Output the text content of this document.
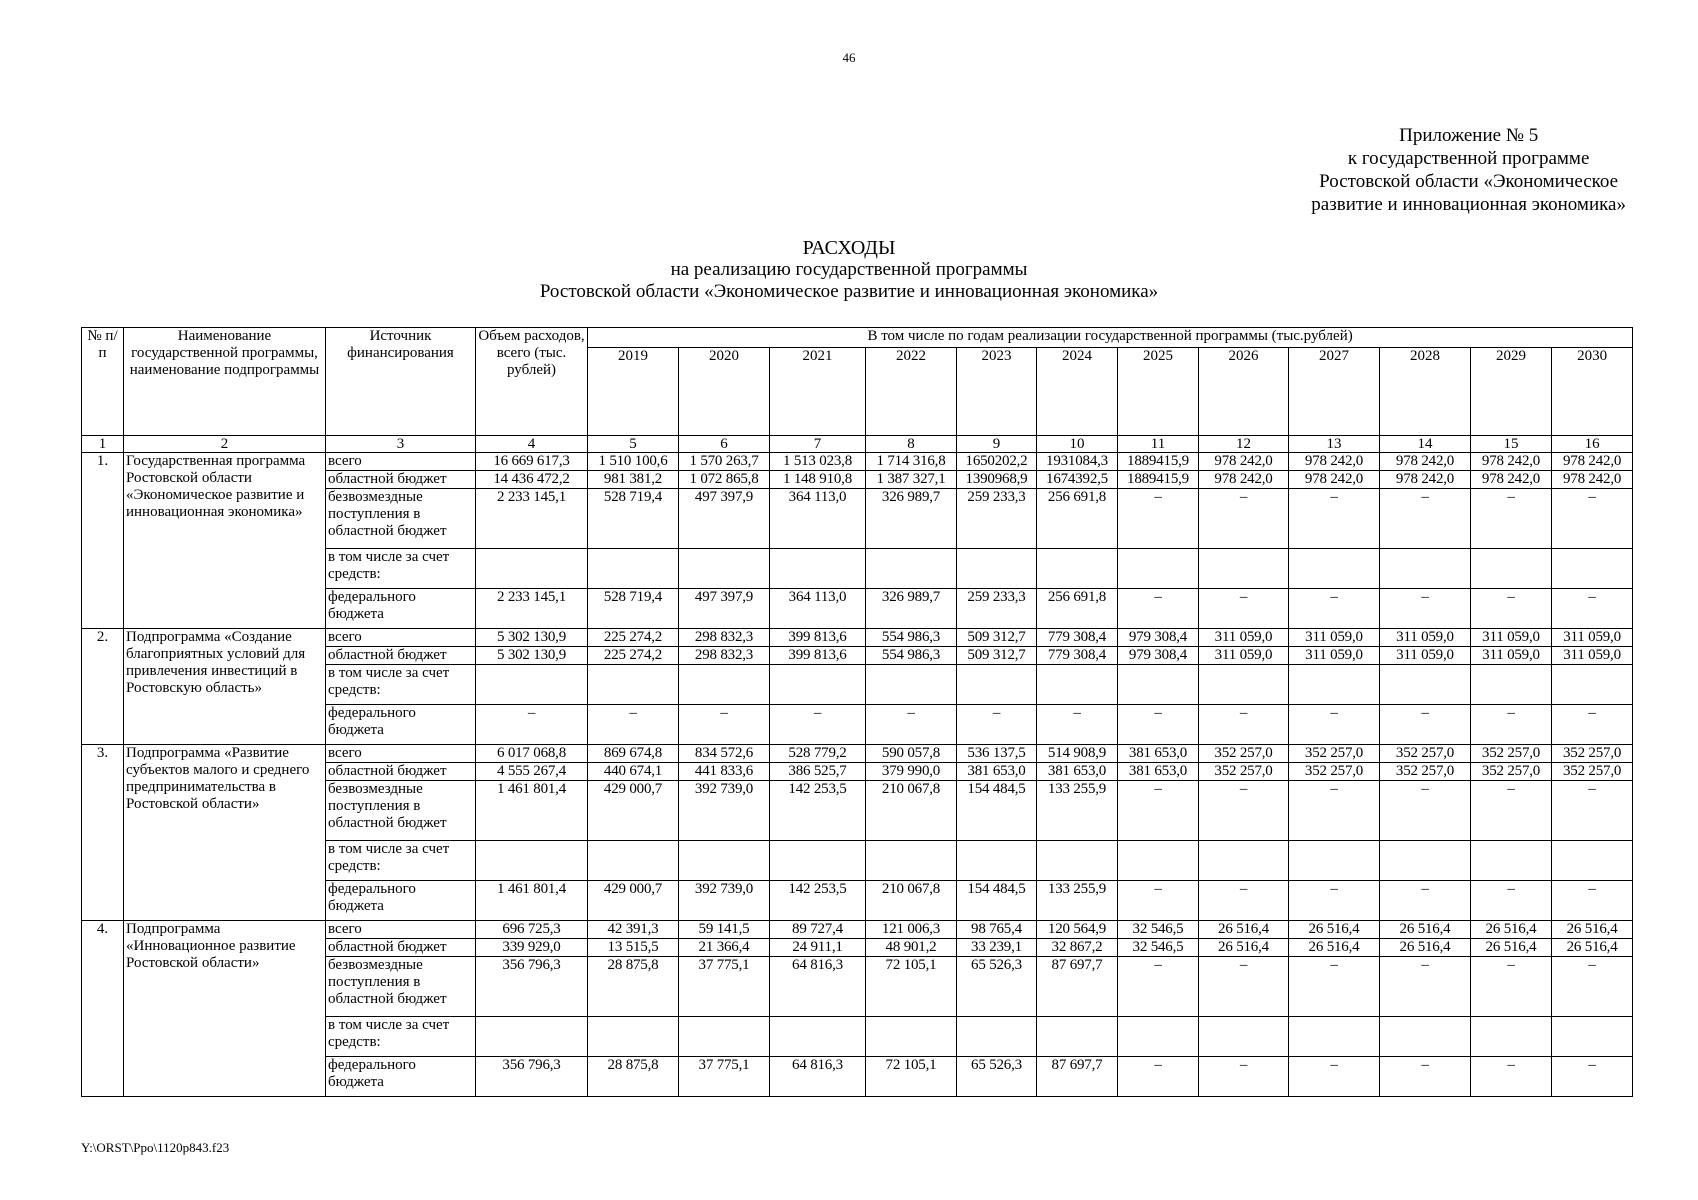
46
Приложение № 5
к государственной программе
Ростовской области «Экономическое
развитие и инновационная экономика»
РАСХОДЫ
на реализацию государственной программы
Ростовской области «Экономическое развитие и инновационная экономика»
№ п/п	Наименование государственной программы, наименование подпрограммы	Источник финансирования	Объем расходов, всего (тыс. рублей)	В том числе по годам реализации государственной программы (тыс.рублей)											
				2019	2020	2021	2022	2023	2024	2025	2026	2027	2028	2029	2030
1	2	3	4	5	6	7	8	9	10	11	12	13	14	15	16
1.	Государственная программа Ростовской области «Экономическое развитие и инновационная экономика»	всего	16 669 617,3	1 510 100,6	1 570 263,7	1 513 023,8	1 714 316,8	1650202,2	1931084,3	1889415,9	978 242,0	978 242,0	978 242,0	978 242,0	978 242,0
		областной бюджет	14 436 472,2	981 381,2	1 072 865,8	1 148 910,8	1 387 327,1	1390968,9	1674392,5	1889415,9	978 242,0	978 242,0	978 242,0	978 242,0	978 242,0
		безвозмездные поступления в областной бюджет	2 233 145,1	528 719,4	497 397,9	364 113,0	326 989,7	259 233,3	256 691,8	–	–	–	–	–	–
		в том числе за счет средств:													
		федерального бюджета	2 233 145,1	528 719,4	497 397,9	364 113,0	326 989,7	259 233,3	256 691,8	–	–	–	–	–	–
2.	Подпрограмма «Создание благоприятных условий для привлечения инвестиций в Ростовскую область»	всего	5 302 130,9	225 274,2	298 832,3	399 813,6	554 986,3	509 312,7	779 308,4	979 308,4	311 059,0	311 059,0	311 059,0	311 059,0	311 059,0
		областной бюджет	5 302 130,9	225 274,2	298 832,3	399 813,6	554 986,3	509 312,7	779 308,4	979 308,4	311 059,0	311 059,0	311 059,0	311 059,0	311 059,0
		в том числе за счет средств:													
		федерального бюджета	–	–	–	–	–	–	–	–	–	–	–	–	–
3.	Подпрограмма «Развитие субъектов малого и среднего предпринимательства в Ростовской области»	всего	6 017 068,8	869 674,8	834 572,6	528 779,2	590 057,8	536 137,5	514 908,9	381 653,0	352 257,0	352 257,0	352 257,0	352 257,0	352 257,0
		областной бюджет	4 555 267,4	440 674,1	441 833,6	386 525,7	379 990,0	381 653,0	381 653,0	381 653,0	352 257,0	352 257,0	352 257,0	352 257,0	352 257,0
		безвозмездные поступления в областной бюджет	1 461 801,4	429 000,7	392 739,0	142 253,5	210 067,8	154 484,5	133 255,9	–	–	–	–	–	–
		в том числе за счет средств:													
		федерального бюджета	1 461 801,4	429 000,7	392 739,0	142 253,5	210 067,8	154 484,5	133 255,9	–	–	–	–	–	–
4.	Подпрограмма «Инновационное развитие Ростовской области»	всего	696 725,3	42 391,3	59 141,5	89 727,4	121 006,3	98 765,4	120 564,9	32 546,5	26 516,4	26 516,4	26 516,4	26 516,4	26 516,4
		областной бюджет	339 929,0	13 515,5	21 366,4	24 911,1	48 901,2	33 239,1	32 867,2	32 546,5	26 516,4	26 516,4	26 516,4	26 516,4	26 516,4
		безвозмездные поступления в областной бюджет	356 796,3	28 875,8	37 775,1	64 816,3	72 105,1	65 526,3	87 697,7	–	–	–	–	–	–
		в том числе за счет средств:													
		федерального бюджета	356 796,3	28 875,8	37 775,1	64 816,3	72 105,1	65 526,3	87 697,7	–	–	–	–	–	–
Y:\ORST\Ppo\1120p843.f23
